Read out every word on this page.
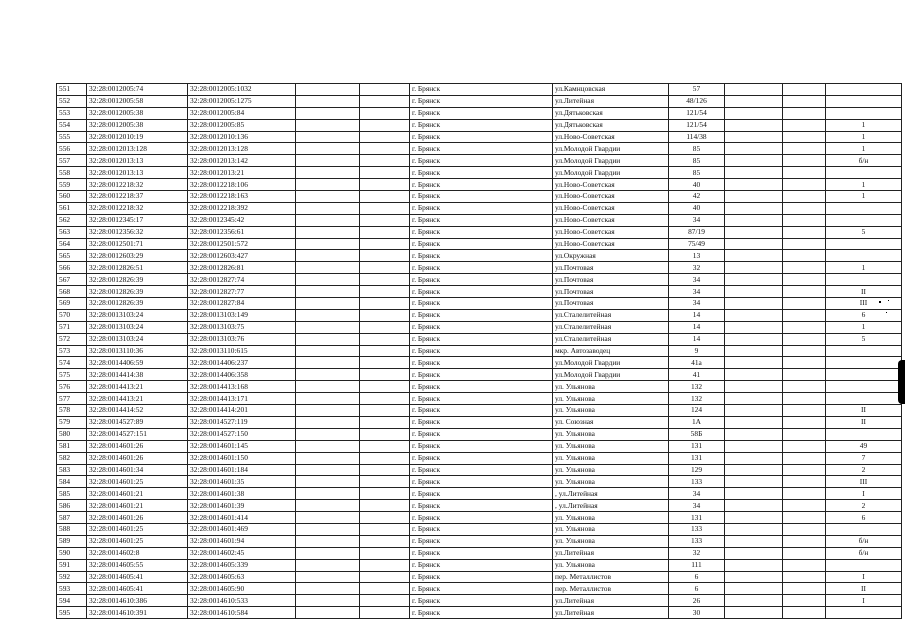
551	32:28:0012005:74	32:28:0012005:1032			г. Брянск	ул.Камнцовская	57			
552	32:28:0012005:58	32:28:0012005:1275			г. Брянск	ул.Литейная	48/126			
553	32:28:0012005:38	32:28:0012005:84			г. Брянск	ул.Дятьковская	121/54			
554	32:28:0012005:38	32:28:0012005:85			г. Брянск	ул.Дятьковская	121/54			1
555	32:28:0012010:19	32:28:0012010:136			г. Брянск	ул.Ново-Советская	114/38			1
556	32:28:0012013:128	32:28:0012013:128			г. Брянск	ул.Молодой Гвардии	85			1
557	32:28:0012013:13	32:28:0012013:142			г. Брянск	ул.Молодой Гвардии	85			б/н
558	32:28:0012013:13	32:28:0012013:21			г. Брянск	ул.Молодой Гвардии	85			
559	32:28:0012218:32	32:28:0012218:106			г. Брянск	ул.Ново-Советская	40			1
560	32:28:0012218:37	32:28:0012218:163			г. Брянск	ул.Ново-Советская	42			1
561	32:28:0012218:32	32:28:0012218:392			г. Брянск	ул.Ново-Советская	40			
562	32:28:0012345:17	32:28:0012345:42			г. Брянск	ул.Ново-Советская	34			
563	32:28:0012356:32	32:28:0012356:61			г. Брянск	ул.Ново-Советская	87/19			5
564	32:28:0012501:71	32:28:0012501:572			г. Брянск	ул.Ново-Советская	75/49			
565	32:28:0012603:29	32:28:0012603:427			г. Брянск	ул.Окружная	13			
566	32:28:0012826:51	32:28:0012826:81			г. Брянск	ул.Почтовая	32			1
567	32:28:0012826:39	32:28:0012827:74			г. Брянск	ул.Почтовая	34			
568	32:28:0012826:39	32:28:0012827:77			г. Брянск	ул.Почтовая	34			II
569	32:28:0012826:39	32:28:0012827:84			г. Брянск	ул.Почтовая	34			III
570	32:28:0013103:24	32:28:0013103:149			г. Брянск	ул.Сталелитейная	14			6
571	32:28:0013103:24	32:28:0013103:75			г. Брянск	ул.Сталелитейная	14			1
572	32:28:0013103:24	32:28:0013103:76			г. Брянск	ул.Сталелитейная	14			5
573	32:28:0013110:36	32:28:0013110:615			г. Брянск	мкр. Автозаводец	9			
574	32:28:0014406:59	32:28:0014406:237			г. Брянск	ул.Молодой Гвардии	41а			
575	32:28:0014414:38	32:28:0014406:358			г. Брянск	ул.Молодой Гвардии	41			
576	32:28:0014413:21	32:28:0014413:168			г. Брянск	ул. Ульянова	132			
577	32:28:0014413:21	32:28:0014413:171			г. Брянск	ул. Ульянова	132			
578	32:28:0014414:52	32:28:0014414:201			г. Брянск	ул. Ульянова	124			II
579	32:28:0014527:89	32:28:0014527:119			г. Брянск	ул. Союзная	1А			II
580	32:28:0014527:151	32:28:0014527:150			г. Брянск	ул. Ульянова	58Б			
581	32:28:0014601:26	32:28:0014601:145			г. Брянск	ул. Ульянова	131			49
582	32:28:0014601:26	32:28:0014601:150			г. Брянск	ул. Ульянова	131			7
583	32:28:0014601:34	32:28:0014601:184			г. Брянск	ул. Ульянова	129			2
584	32:28:0014601:25	32:28:0014601:35			г. Брянск	ул. Ульянова	133			III
585	32:28:0014601:21	32:28:0014601:38			г. Брянск	, ул.Литейная	34			I
586	32:28:0014601:21	32:28:0014601:39			г. Брянск	, ул.Литейная	34			2
587	32:28:0014601:26	32:28:0014601:414			г. Брянск	ул. Ульянова	131			6
588	32:28:0014601:25	32:28:0014601:469			г. Брянск	ул. Ульянова	133			
589	32:28:0014601:25	32:28:0014601:94			г. Брянск	ул. Ульянова	133			б/н
590	32:28:0014602:8	32:28:0014602:45			г. Брянск	ул.Литейная	32			б/н
591	32:28:0014605:55	32:28:0014605:339			г. Брянск	ул. Ульянова	111			
592	32:28:0014605:41	32:28:0014605:63			г. Брянск	пер. Металлистов	6			I
593	32:28:0014605:41	32:28:0014605:90			г. Брянск	пер. Металлистов	6			II
594	32:28:0014610:386	32:28:0014610:533			г. Брянск	ул.Литейная	26			I
595	32:28:0014610:391	32:28:0014610:584			г. Брянск	ул.Литейная	30			
